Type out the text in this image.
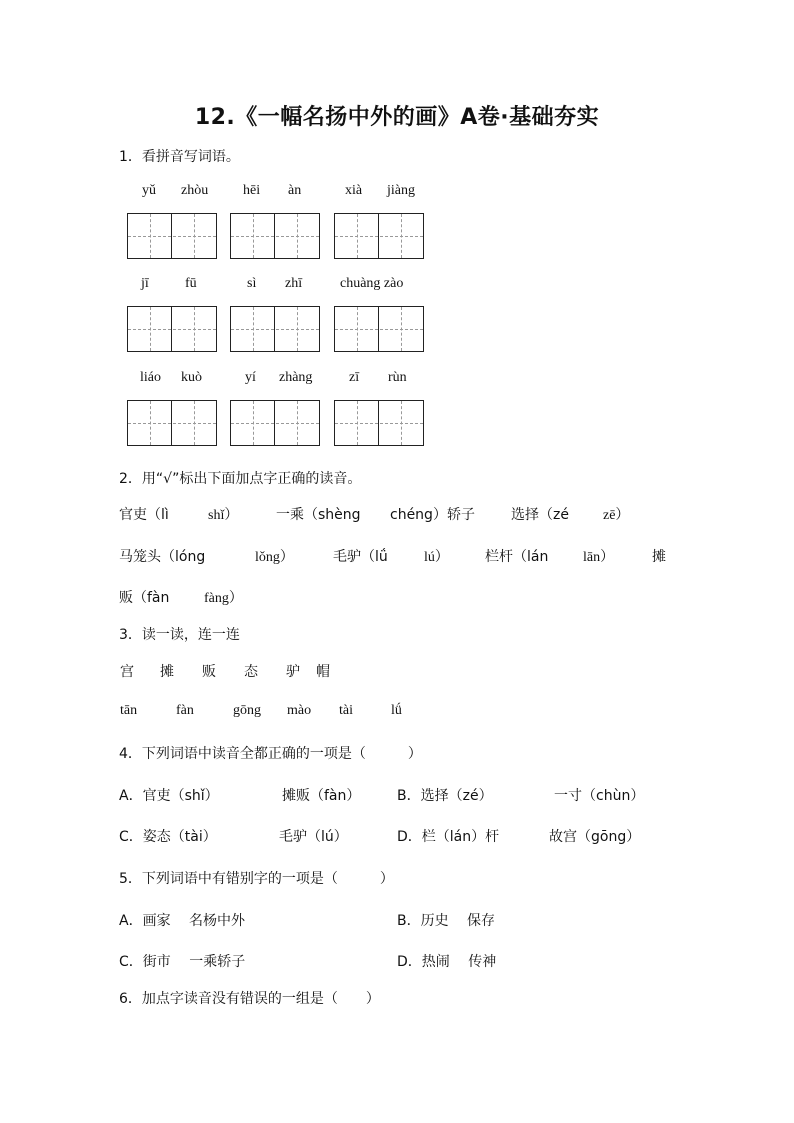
12.《一幅名扬中外的画》A卷·基础夯实
1．看拼音写词语。
yǔ zhòu hēi àn	xià jiàng
jī	fū	sì zhī	chuàng zào
liáo kuò	yí zhàng	zī rùn
2．用“√”标出下面加点字正确的读音。
官吏（lì	shǐ）	一乘（shèng chéng）轿子	选择（zé zē）
马笼头（lóng	lǒng）	毛驴（lǘ	lú）	栏杆（lán lān）	摊
贩（fàn fàng）
3．读一读，连一连
宫 摊 贩 态 驴 帽
tān	fàn	gōng mào tài	lǘ
4．下列词语中读音全都正确的一项是（　　　）
A．官吏（shǐ）	摊贩（fàn）	B．选择（zé）	一寸（chùn）
C．姿态（tài）	毛驴（lú）	D．栏（lán）杆	故宫（gōng）
5．下列词语中有错别字的一项是（　　　）
A．画家　 名杨中外	B．历史　 保存
C．街市　 一乘轿子	D．热闹　 传神
6．加点字读音没有错误的一组是（　　）
